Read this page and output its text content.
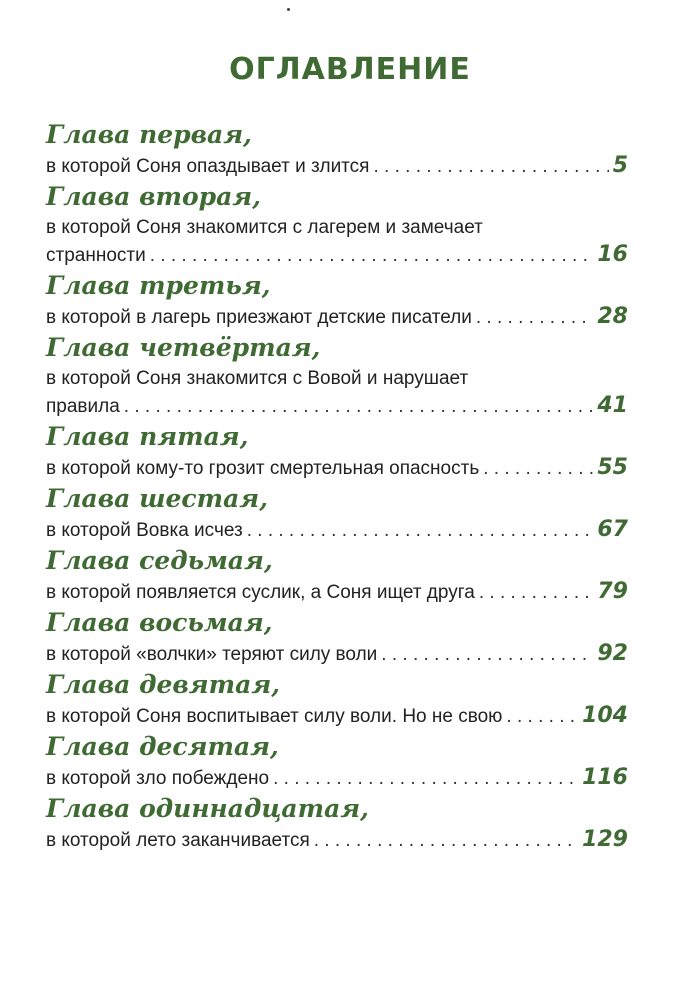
ОГЛАВЛЕНИЕ
Глава первая,
в которой Соня опаздывает и злится . . .	5
Глава вторая,
в которой Соня знакомится с лагерем и замечает
странности . . .	16
Глава третья,
в которой в лагерь приезжают детские писатели . . .	28
Глава четвёртая,
в которой Соня знакомится с Вовой и нарушает
правила . . .	41
Глава пятая,
в которой кому-то грозит смертельная опасность . . .	55
Глава шестая,
в которой Вовка исчез . . .	67
Глава седьмая,
в которой появляется суслик, а Соня ищет друга . . .	79
Глава восьмая,
в которой «волчки» теряют силу воли . . .	92
Глава девятая,
в которой Соня воспитывает силу воли. Но не свою . . .	104
Глава десятая,
в которой зло побеждено . . .	116
Глава одиннадцатая,
в которой лето заканчивается . . .	129
